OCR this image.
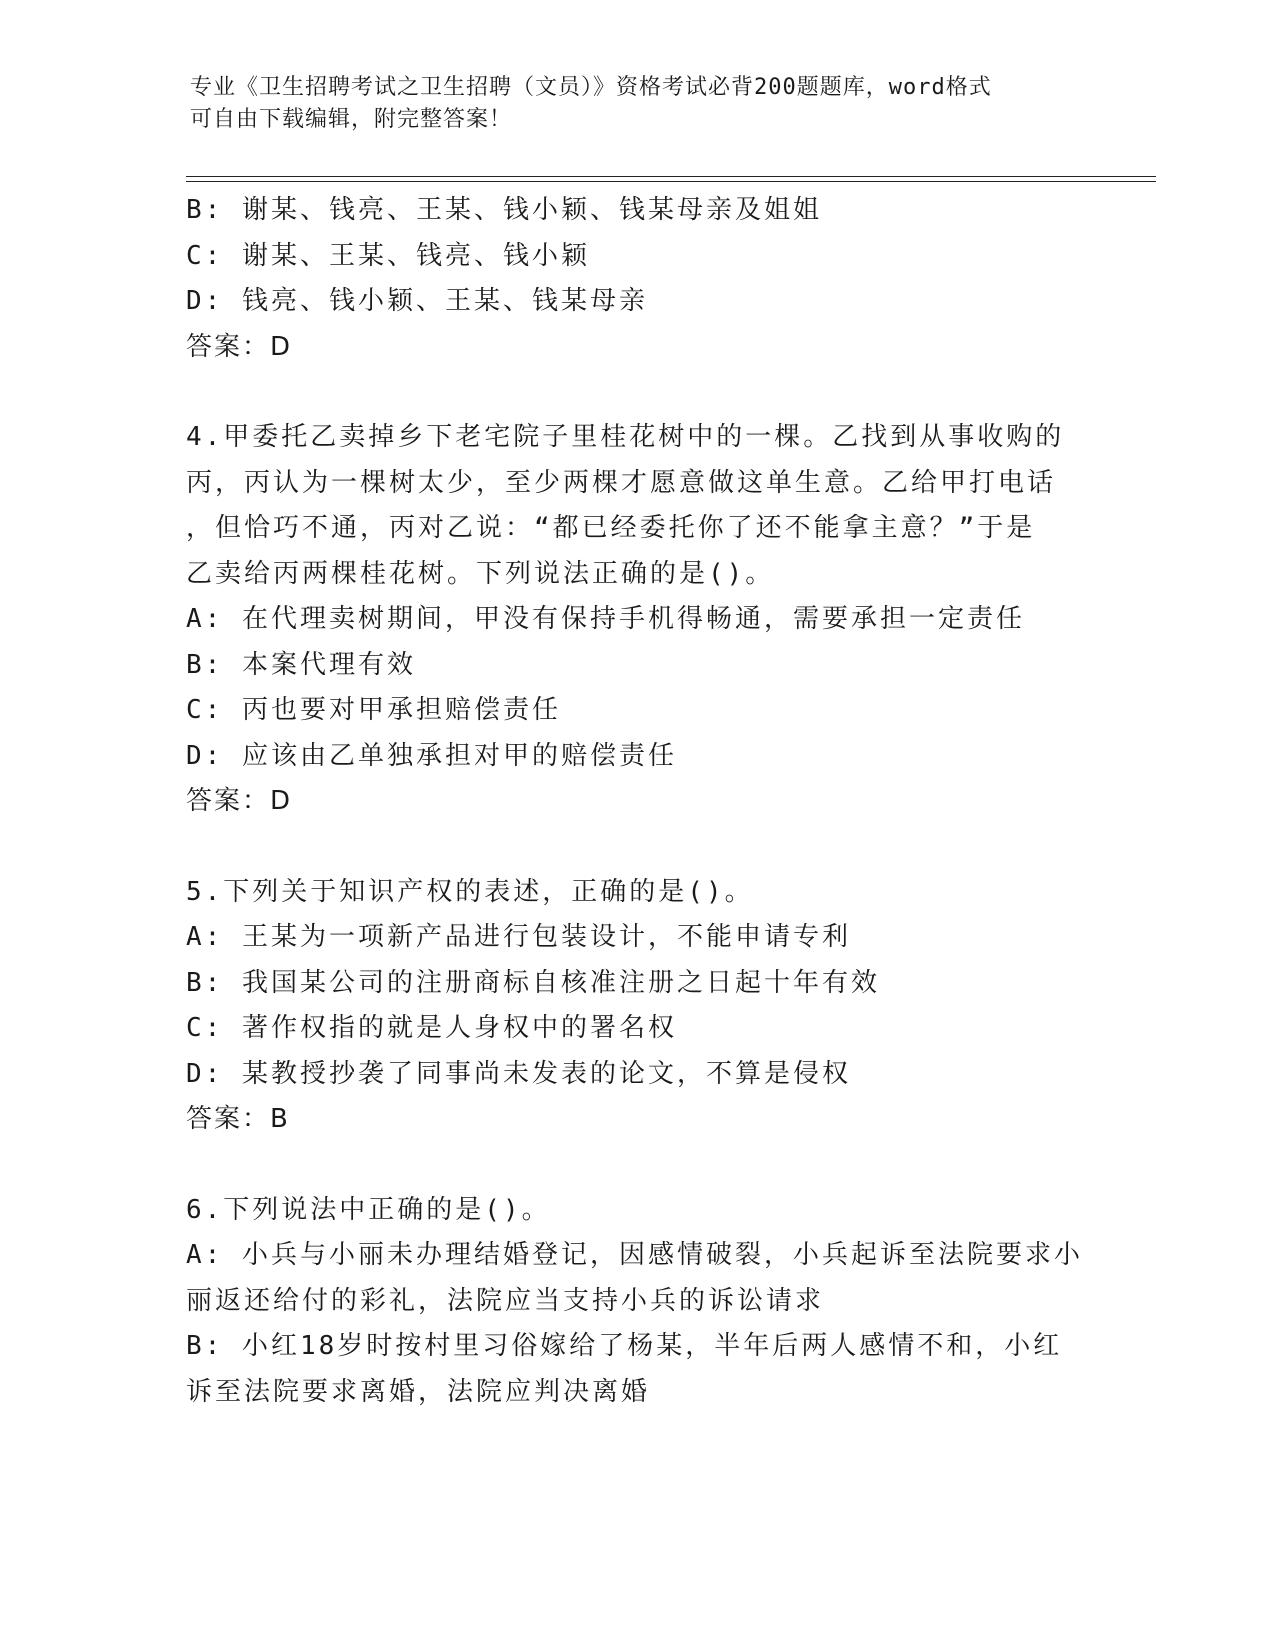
专业《卫生招聘考试之卫生招聘（文员）》资格考试必背200题题库，word格式
可自由下载编辑，附完整答案！
B: 谢某、钱亮、王某、钱小颖、钱某母亲及姐姐
C: 谢某、王某、钱亮、钱小颖
D: 钱亮、钱小颖、王某、钱某母亲
答案：D
4.甲委托乙卖掉乡下老宅院子里桂花树中的一棵。乙找到从事收购的
丙，丙认为一棵树太少，至少两棵才愿意做这单生意。乙给甲打电话
，但恰巧不通，丙对乙说：“都已经委托你了还不能拿主意？”于是
乙卖给丙两棵桂花树。下列说法正确的是()。
A: 在代理卖树期间，甲没有保持手机得畅通，需要承担一定责任
B: 本案代理有效
C: 丙也要对甲承担赔偿责任
D: 应该由乙单独承担对甲的赔偿责任
答案：D
5.下列关于知识产权的表述，正确的是()。
A: 王某为一项新产品进行包装设计，不能申请专利
B: 我国某公司的注册商标自核准注册之日起十年有效
C: 著作权指的就是人身权中的署名权
D: 某教授抄袭了同事尚未发表的论文，不算是侵权
答案：B
6.下列说法中正确的是()。
A: 小兵与小丽未办理结婚登记，因感情破裂，小兵起诉至法院要求小
丽返还给付的彩礼，法院应当支持小兵的诉讼请求
B: 小红18岁时按村里习俗嫁给了杨某，半年后两人感情不和，小红
诉至法院要求离婚，法院应判决离婚
